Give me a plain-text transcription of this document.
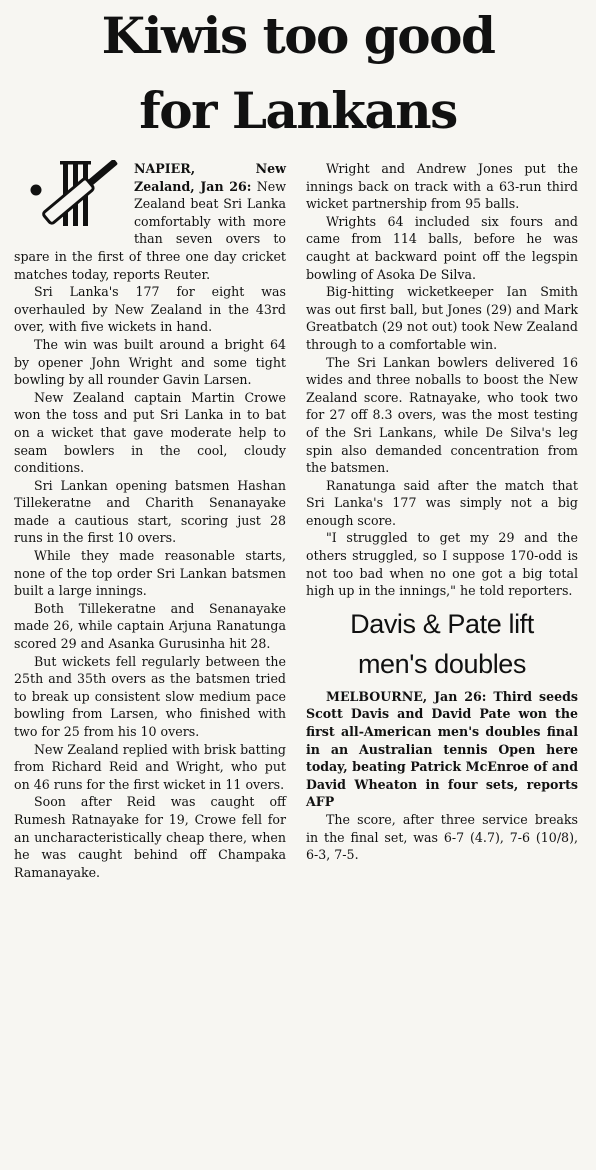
Kiwis too good
for Lankans

NAPIER, New Zealand, Jan 26: New Zealand beat Sri Lanka comfortably with more than seven overs to spare in the first of three one day cricket matches today, reports Reuter.

Sri Lanka's 177 for eight was overhauled by New Zealand in the 43rd over, with five wickets in hand.

The win was built around a bright 64 by opener John Wright and some tight bowling by all rounder Gavin Larsen.

New Zealand captain Martin Crowe won the toss and put Sri Lanka in to bat on a wicket that gave moderate help to seam bowlers in the cool, cloudy conditions.

Sri Lankan opening batsmen Hashan Tillekeratne and Charith Senanayake made a cautious start, scoring just 28 runs in the first 10 overs.

While they made reasonable starts, none of the top order Sri Lankan batsmen built a large innings.

Both Tillekeratne and Senanayake made 26, while captain Arjuna Ranatunga scored 29 and Asanka Gurusinha hit 28.

But wickets fell regularly between the 25th and 35th overs as the batsmen tried to break up consistent slow medium pace bowling from Larsen, who finished with two for 25 from his 10 overs.

New Zealand replied with brisk batting from Richard Reid and Wright, who put on 46 runs for the first wicket in 11 overs.

Soon after Reid was caught off Rumesh Ratnayake for 19, Crowe fell for an uncharacteristically cheap there, when he was caught behind off Champaka Ramanayake.

Wright and Andrew Jones put the innings back on track with a 63-run third wicket partnership from 95 balls.

Wrights 64 included six fours and came from 114 balls, before he was caught at backward point off the legspin bowling of Asoka De Silva.

Big-hitting wicketkeeper Ian Smith was out first ball, but Jones (29) and Mark Greatbatch (29 not out) took New Zealand through to a comfortable win.

The Sri Lankan bowlers delivered 16 wides and three noballs to boost the New Zealand score. Ratnayake, who took two for 27 off 8.3 overs, was the most testing of the Sri Lankans, while De Silva's leg spin also demanded concentration from the batsmen.

Ranatunga said after the match that Sri Lanka's 177 was simply not a big enough score.

"I struggled to get my 29 and the others struggled, so I suppose 170-odd is not too bad when no one got a big total high up in the innings," he told reporters.

Davis & Pate lift
men's doubles

MELBOURNE, Jan 26: Third seeds Scott Davis and David Pate won the first all-American men's doubles final in an Australian tennis Open here today, beating Patrick McEnroe of and David Wheaton in four sets, reports AFP

The score, after three service breaks in the final set, was 6-7 (4.7), 7-6 (10/8), 6-3, 7-5.
